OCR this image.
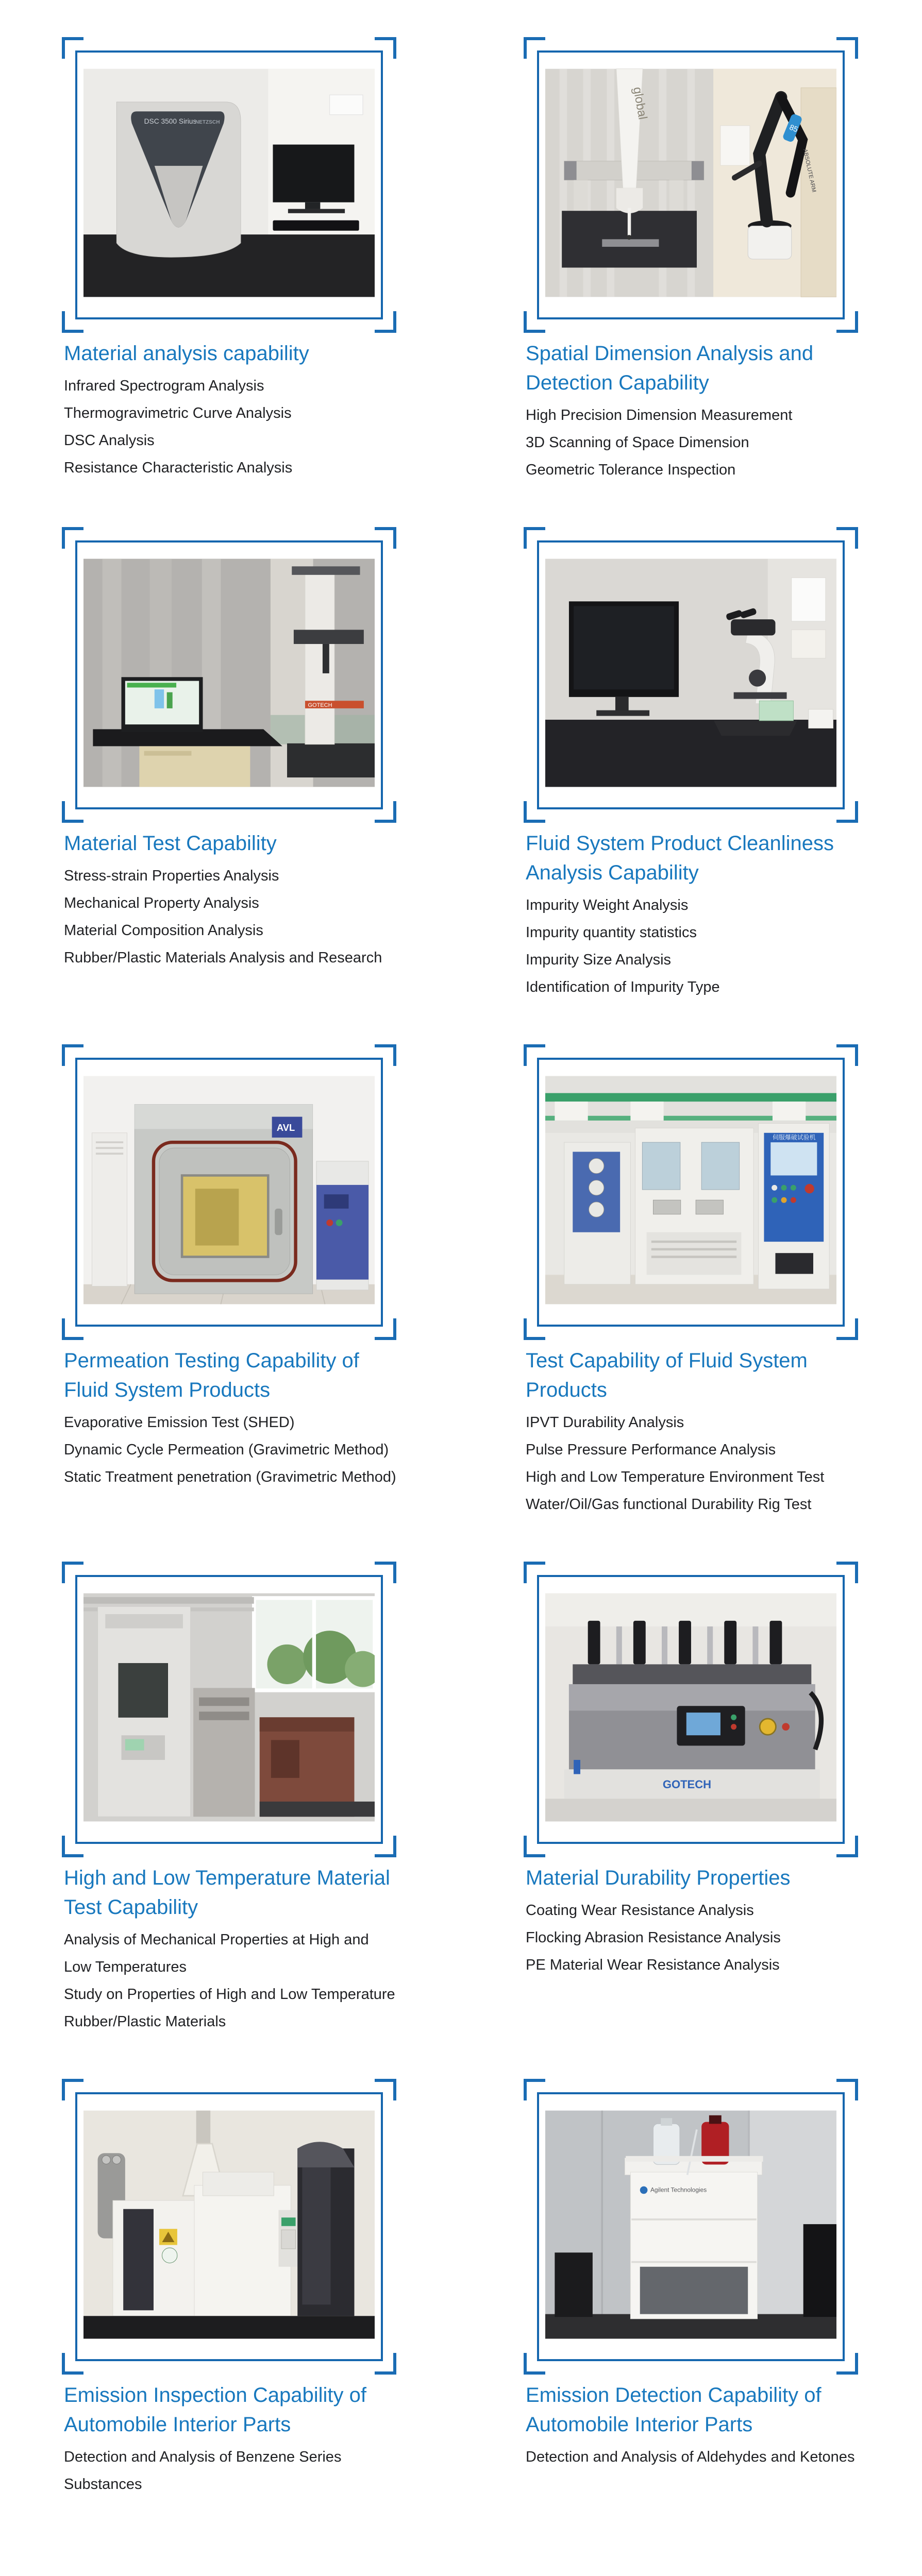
DSC 3500 Sirius
NETZSCH
Material analysis capability

Infrared Spectrogram Analysis

Thermogravimetric Curve Analysis

DSC Analysis

Resistance Characteristic Analysis

global
85
ABSOLUTE ARM
Spatial Dimension Analysis and Detection Capability

High Precision Dimension Measurement

3D Scanning of Space Dimension

Geometric Tolerance Inspection

GOTECH
Material Test Capability

Stress-strain Properties Analysis

Mechanical Property Analysis

Material Composition Analysis

Rubber/Plastic Materials Analysis and Research

Fluid System Product Cleanliness Analysis Capability

Impurity Weight Analysis

Impurity quantity statistics

Impurity Size Analysis

Identification of Impurity Type

AVL
Permeation Testing Capability of Fluid System Products

Evaporative Emission Test (SHED)

Dynamic Cycle Permeation (Gravimetric Method)

Static Treatment penetration (Gravimetric Method)

伺服爆破试验机
Test Capability of Fluid System Products

IPVT Durability Analysis

Pulse Pressure Performance Analysis

High and Low Temperature Environment Test

Water/Oil/Gas functional Durability Rig Test

High and Low Temperature Material Test Capability

Analysis of Mechanical Properties at High and Low Temperatures

Study on Properties of High and Low Temperature Rubber/Plastic Materials

GOTECH
Material Durability Properties

Coating Wear Resistance Analysis

Flocking Abrasion Resistance Analysis

PE Material Wear Resistance Analysis

Emission Inspection Capability of Automobile Interior Parts

Detection and Analysis of Benzene Series Substances

Agilent Technologies
Emission Detection Capability of Automobile Interior Parts

Detection and Analysis of Aldehydes and Ketones
